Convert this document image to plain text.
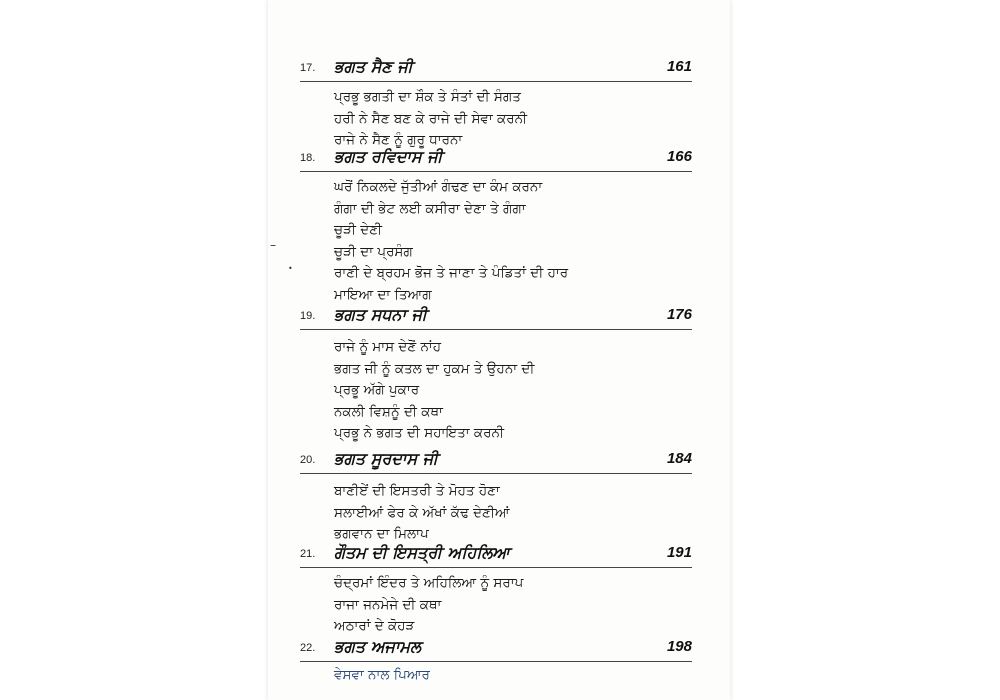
–
•
17. ਭਗਤ ਸੈਣ ਜੀ	161
ਪ੍ਰਭੂ ਭਗਤੀ ਦਾ ਸ਼ੌਕ ਤੇ ਸੰਤਾਂ ਦੀ ਸੰਗਤ
ਹਰੀ ਨੇ ਸੈਣ ਬਣ ਕੇ ਰਾਜੇ ਦੀ ਸੇਵਾ ਕਰਨੀ
ਰਾਜੇ ਨੇ ਸੈਣ ਨੂੰ ਗੁਰੂ ਧਾਰਨਾ
18. ਭਗਤ ਰਵਿਦਾਸ ਜੀ	166
ਘਰੋਂ ਨਿਕਲਦੇ ਜੁੱਤੀਆਂ ਗੰਢਣ ਦਾ ਕੰਮ ਕਰਨਾ
ਗੰਗਾ ਦੀ ਭੇਟ ਲਈ ਕਸੀਰਾ ਦੇਣਾ ਤੇ ਗੰਗਾ
ਚੂੜੀ ਦੇਣੀ
ਚੂੜੀ ਦਾ ਪ੍ਰਸੰਗ
ਰਾਣੀ ਦੇ ਬ੍ਰਹਮ ਭੋਜ ਤੇ ਜਾਣਾ ਤੇ ਪੰਡਿਤਾਂ ਦੀ ਹਾਰ
ਮਾਇਆ ਦਾ ਤਿਆਗ
19. ਭਗਤ ਸਧਨਾ ਜੀ	176
ਰਾਜੇ ਨੂੰ ਮਾਸ ਦੇਣੋਂ ਨਾਂਹ
ਭਗਤ ਜੀ ਨੂੰ ਕਤਲ ਦਾ ਹੁਕਮ ਤੇ ਉਹਨਾ ਦੀ
ਪ੍ਰਭੂ ਅੱਗੇ ਪੁਕਾਰ
ਨਕਲੀ ਵਿਸ਼ਨੂੰ ਦੀ ਕਥਾ
ਪ੍ਰਭੂ ਨੇ ਭਗਤ ਦੀ ਸਹਾਇਤਾ ਕਰਨੀ
20. ਭਗਤ ਸੂਰਦਾਸ ਜੀ	184
ਬਾਣੀਏਂ ਦੀ ਇਸਤਰੀ ਤੇ ਮੋਹਤ ਹੋਣਾ
ਸਲਾਈਆਂ ਫੇਰ ਕੇ ਅੱਖਾਂ ਕੱਢ ਦੇਣੀਆਂ
ਭਗਵਾਨ ਦਾ ਮਿਲਾਪ
21. ਗੌਤਮ ਦੀ ਇਸਤ੍ਰੀ ਅਹਿਲਿਆ	191
ਚੰਦ੍ਰਮਾਂ ਇੰਦਰ ਤੇ ਅਹਿਲਿਆ ਨੂੰ ਸਰਾਪ
ਰਾਜਾ ਜਨਮੇਜੇ ਦੀ ਕਥਾ
ਅਠਾਰਾਂ ਦੇ ਕੋਹੜ
22. ਭਗਤ ਅਜਾਮਲ	198
ਵੇਸਵਾ ਨਾਲ ਪਿਆਰ
